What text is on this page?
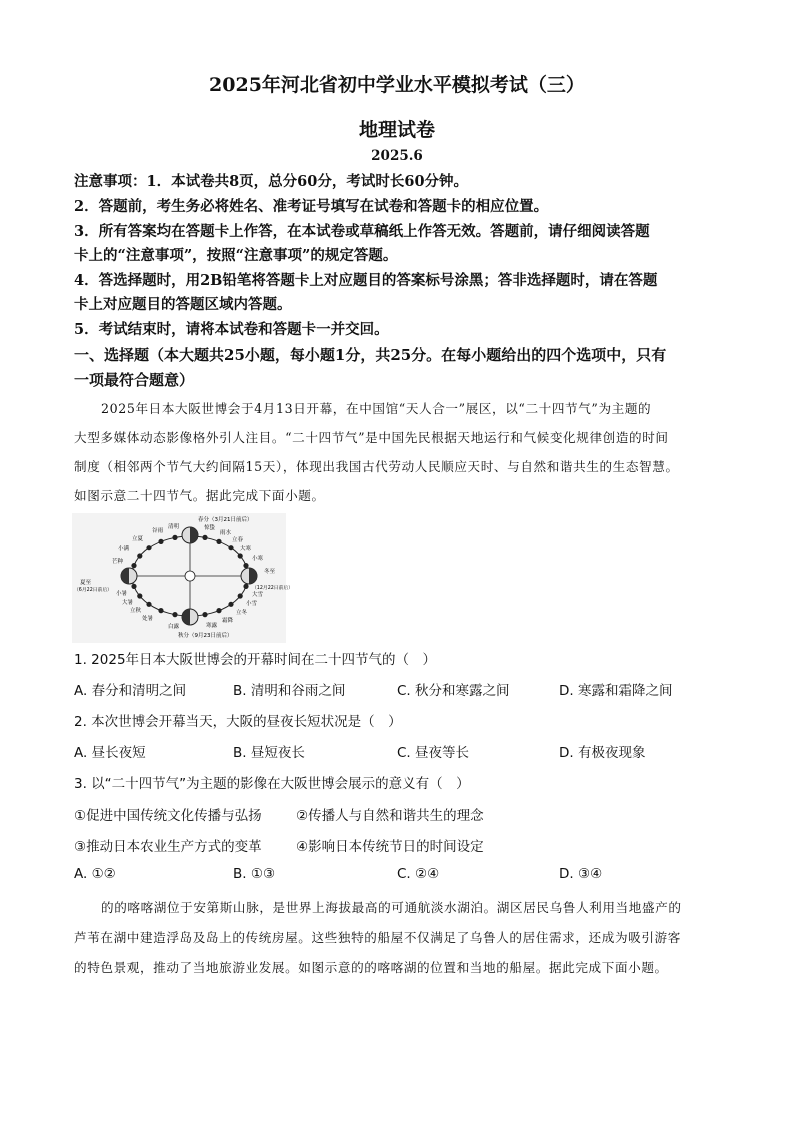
2025年河北省初中学业水平模拟考试（三）
地理试卷
2025.6
注意事项：1．本试卷共8页，总分60分，考试时长60分钟。
2．答题前，考生务必将姓名、准考证号填写在试卷和答题卡的相应位置。
3．所有答案均在答题卡上作答，在本试卷或草稿纸上作答无效。答题前，请仔细阅读答题
卡上的“注意事项”，按照“注意事项”的规定答题。
4．答选择题时，用2B铅笔将答题卡上对应题目的答案标号涂黑；答非选择题时，请在答题
卡上对应题目的答题区域内答题。
5．考试结束时，请将本试卷和答题卡一并交回。
一、选择题（本大题共25小题，每小题1分，共25分。在每小题给出的四个选项中，只有
一项最符合题意）
2025年日本大阪世博会于4月13日开幕，在中国馆“天人合一”展区，以“二十四节气”为主题的
大型多媒体动态影像格外引人注目。“二十四节气”是中国先民根据天地运行和气候变化规律创造的时间
制度（相邻两个节气大约间隔15天），体现出我国古代劳动人民顺应天时、与自然和谐共生的生态智慧。
如图示意二十四节气。据此完成下面小题。
春分（3月21日前后）
夏至
（6月22日前后）
秋分（9月23日前后）
冬至
（12月22日前后）
清明
谷雨
立夏
小满
芒种
惊蛰
雨水
立春
大寒
小寒
大雪
小雪
立冬
霜降
寒露
白露
处暑
立秋
大暑
小暑
1. 2025年日本大阪世博会的开幕时间在二十四节气的（　）
A. 春分和清明之间	B. 清明和谷雨之间	C. 秋分和寒露之间	D. 寒露和霜降之间
2. 本次世博会开幕当天，大阪的昼夜长短状况是（　）
A. 昼长夜短	B. 昼短夜长	C. 昼夜等长	D. 有极夜现象
3. 以“二十四节气”为主题的影像在大阪世博会展示的意义有（　）
①促进中国传统文化传播与弘扬	②传播人与自然和谐共生的理念
③推动日本农业生产方式的变革	④影响日本传统节日的时间设定
A. ①②	B. ①③	C. ②④	D. ③④
的的喀喀湖位于安第斯山脉，是世界上海拔最高的可通航淡水湖泊。湖区居民乌鲁人利用当地盛产的
芦苇在湖中建造浮岛及岛上的传统房屋。这些独特的船屋不仅满足了乌鲁人的居住需求，还成为吸引游客
的特色景观，推动了当地旅游业发展。如图示意的的喀喀湖的位置和当地的船屋。据此完成下面小题。
